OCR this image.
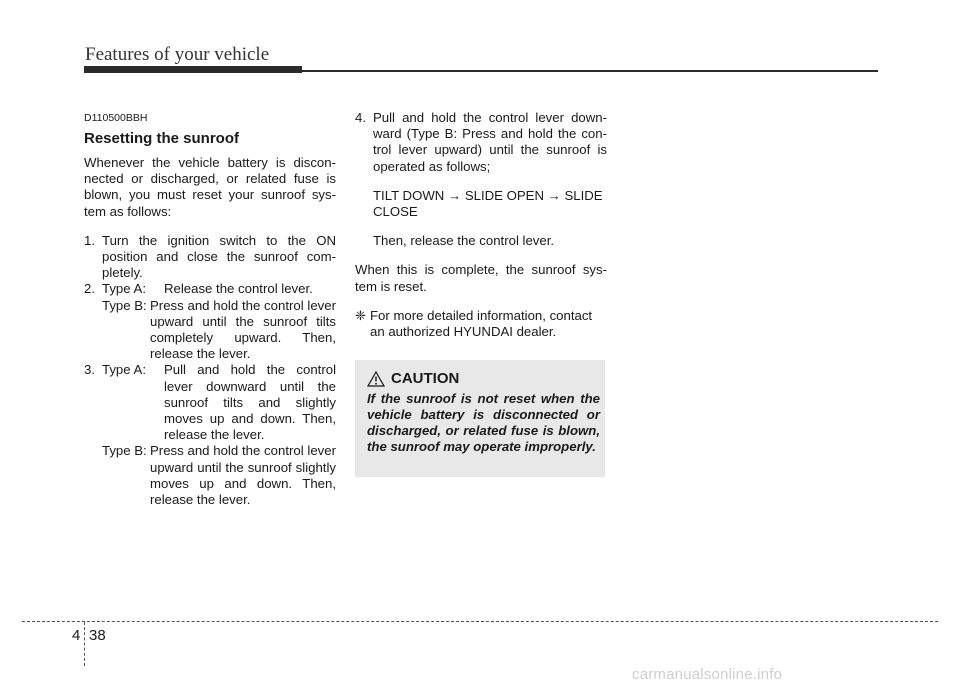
Features of your vehicle
D110500BBH
Resetting the sunroof

Whenever the vehicle battery is discon-nected or discharged, or related fuse is blown, you must reset your sunroof sys-tem as follows:

1. Turn the ignition switch to the ON position and close the sunroof com-pletely.
2. Type A:	Release the control lever.
Type B: Press and hold the control lever upward until the sunroof tilts completely upward. Then, release the lever.
3. Type A:	Pull and hold the control lever downward until the sunroof tilts and slightly moves up and down. Then, release the lever.
Type B: Press and hold the control lever upward until the sunroof slightly moves up and down. Then, release the lever.
4. Pull and hold the control lever down-ward (Type B: Press and hold the con-trol lever upward) until the sunroof is operated as follows;
TILT DOWN → SLIDE OPEN → SLIDE CLOSE
Then, release the control lever.

When this is complete, the sunroof sys-tem is reset.

❈ For more detailed information, contact an authorized HYUNDAI dealer.
CAUTION
If the sunroof is not reset when the vehicle battery is disconnected or discharged, or related fuse is blown, the sunroof may operate improperly.
4 38
carmanualsonline.info
